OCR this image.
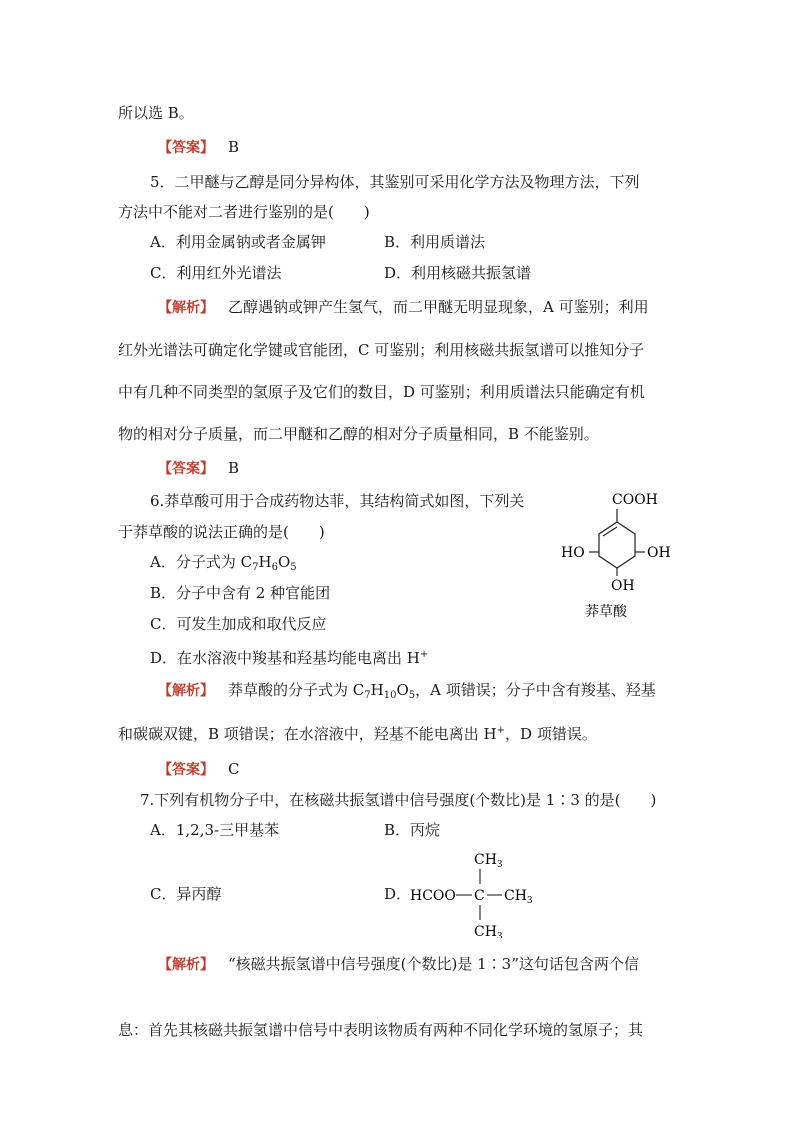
所以选 B。
【答案】 B
5．二甲醚与乙醇是同分异构体，其鉴别可采用化学方法及物理方法，下列
方法中不能对二者进行鉴别的是(　　)
A．利用金属钠或者金属钾	B．利用质谱法
C．利用红外光谱法	D．利用核磁共振氢谱
【解析】 乙醇遇钠或钾产生氢气，而二甲醚无明显现象，A 可鉴别；利用
红外光谱法可确定化学键或官能团，C 可鉴别；利用核磁共振氢谱可以推知分子
中有几种不同类型的氢原子及它们的数目，D 可鉴别；利用质谱法只能确定有机
物的相对分子质量，而二甲醚和乙醇的相对分子质量相同，B 不能鉴别。
【答案】 B
6.莽草酸可用于合成药物达菲，其结构简式如图，下列关
于莽草酸的说法正确的是(　　)
A．分子式为 $C_7H_6O_5$
B．分子中含有 2 种官能团
C．可发生加成和取代反应
D．在水溶液中羧基和羟基均能电离出 H+
COOH
HO	OH
OH
莽草酸
【解析】 莽草酸的分子式为 $C_7H_{10}O_5$，A 项错误；分子中含有羧基、羟基
和碳碳双键，B 项错误；在水溶液中，羟基不能电离出 H+，D 项错误。
【答案】 C
7.下列有机物分子中，在核磁共振氢谱中信号强度(个数比)是 1∶3 的是(　　)
A．1,2,3-三甲基苯	B．丙烷
C．异丙醇	D．
$CH_3$
HCOO C $CH_3$
$CH_3$
【解析】 “核磁共振氢谱中信号强度(个数比)是 1∶3”这句话包含两个信
息：首先其核磁共振氢谱中信号中表明该物质有两种不同化学环境的氢原子；其
